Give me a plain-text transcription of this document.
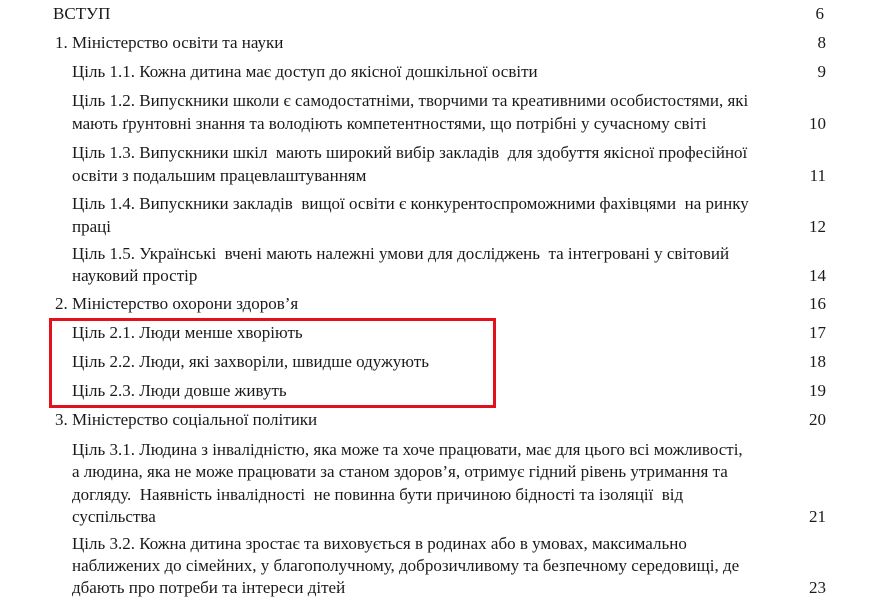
ВСТУП	6
1. Міністерство освіти та науки	8
Ціль 1.1. Кожна дитина має доступ до якісної дошкільної освіти	9
Ціль 1.2. Випускники школи є самодостатніми, творчими та креативними особистостями, які
мають ґрунтовні знання та володіють компетентностями, що потрібні у сучасному світі	10
Ціль 1.3. Випускники шкіл  мають широкий вибір закладів  для здобуття якісної професійної
освіти з подальшим працевлаштуванням	11
Ціль 1.4. Випускники закладів  вищої освіти є конкурентоспроможними фахівцями  на ринку
праці	12
Ціль 1.5. Українські  вчені мають належні умови для досліджень  та інтегровані у світовий
науковий простір	14
2. Міністерство охорони здоров’я	16
Ціль 2.1. Люди менше хворіють	17
Ціль 2.2. Люди, які захворіли, швидше одужують	18
Ціль 2.3. Люди довше живуть	19
3. Міністерство соціальної політики	20
Ціль 3.1. Людина з інвалідністю, яка може та хоче працювати, має для цього всі можливості,
а людина, яка не може працювати за станом здоров’я, отримує гідний рівень утримання та
догляду.  Наявність інвалідності  не повинна бути причиною бідності та ізоляції  від
суспільства	21
Ціль 3.2. Кожна дитина зростає та виховується в родинах або в умовах, максимально
наближених до сімейних, у благополучному, доброзичливому та безпечному середовищі, де
дбають про потреби та інтереси дітей	23
